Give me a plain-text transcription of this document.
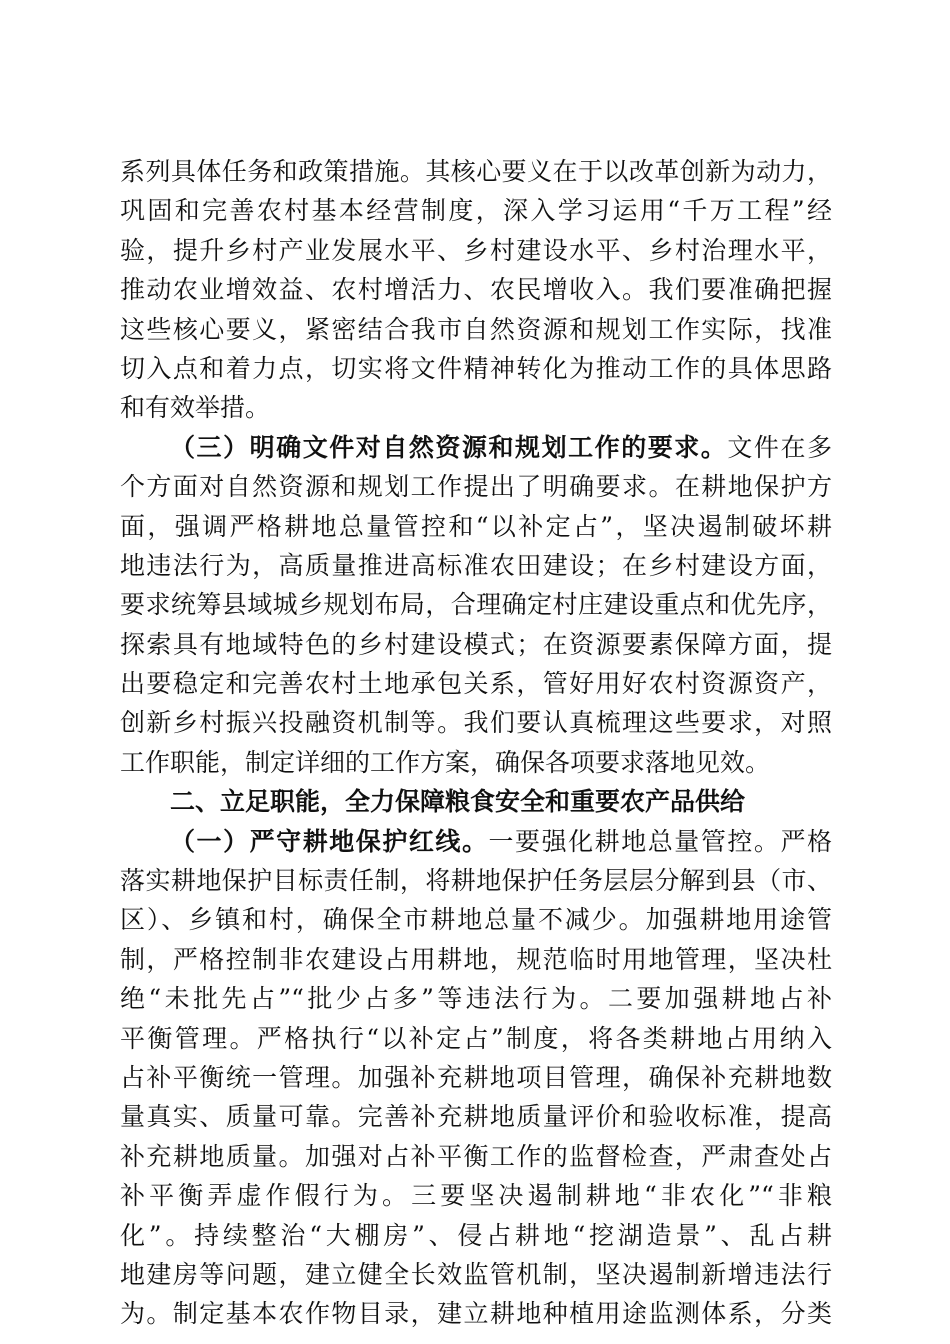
系列具体任务和政策措施。其核心要义在于以改革创新为动力，
巩固和完善农村基本经营制度，深入学习运用“千万工程”经
验，提升乡村产业发展水平、乡村建设水平、乡村治理水平，
推动农业增效益、农村增活力、农民增收入。我们要准确把握
这些核心要义，紧密结合我市自然资源和规划工作实际，找准
切入点和着力点，切实将文件精神转化为推动工作的具体思路
和有效举措。
（三）明确文件对自然资源和规划工作的要求。文件在多
个方面对自然资源和规划工作提出了明确要求。在耕地保护方
面，强调严格耕地总量管控和“以补定占”，坚决遏制破坏耕
地违法行为，高质量推进高标准农田建设；在乡村建设方面，
要求统筹县域城乡规划布局，合理确定村庄建设重点和优先序，
探索具有地域特色的乡村建设模式；在资源要素保障方面，提
出要稳定和完善农村土地承包关系，管好用好农村资源资产，
创新乡村振兴投融资机制等。我们要认真梳理这些要求，对照
工作职能，制定详细的工作方案，确保各项要求落地见效。
二、立足职能，全力保障粮食安全和重要农产品供给
（一）严守耕地保护红线。一要强化耕地总量管控。严格
落实耕地保护目标责任制，将耕地保护任务层层分解到县（市、
区）、乡镇和村，确保全市耕地总量不减少。加强耕地用途管
制，严格控制非农建设占用耕地，规范临时用地管理，坚决杜
绝“未批先占”“批少占多”等违法行为。二要加强耕地占补
平衡管理。严格执行“以补定占”制度，将各类耕地占用纳入
占补平衡统一管理。加强补充耕地项目管理，确保补充耕地数
量真实、质量可靠。完善补充耕地质量评价和验收标准，提高
补充耕地质量。加强对占补平衡工作的监督检查，严肃查处占
补平衡弄虚作假行为。三要坚决遏制耕地“非农化”“非粮
化”。持续整治“大棚房”、侵占耕地“挖湖造景”、乱占耕
地建房等问题，建立健全长效监管机制，坚决遏制新增违法行
为。制定基本农作物目录，建立耕地种植用途监测体系，分类
